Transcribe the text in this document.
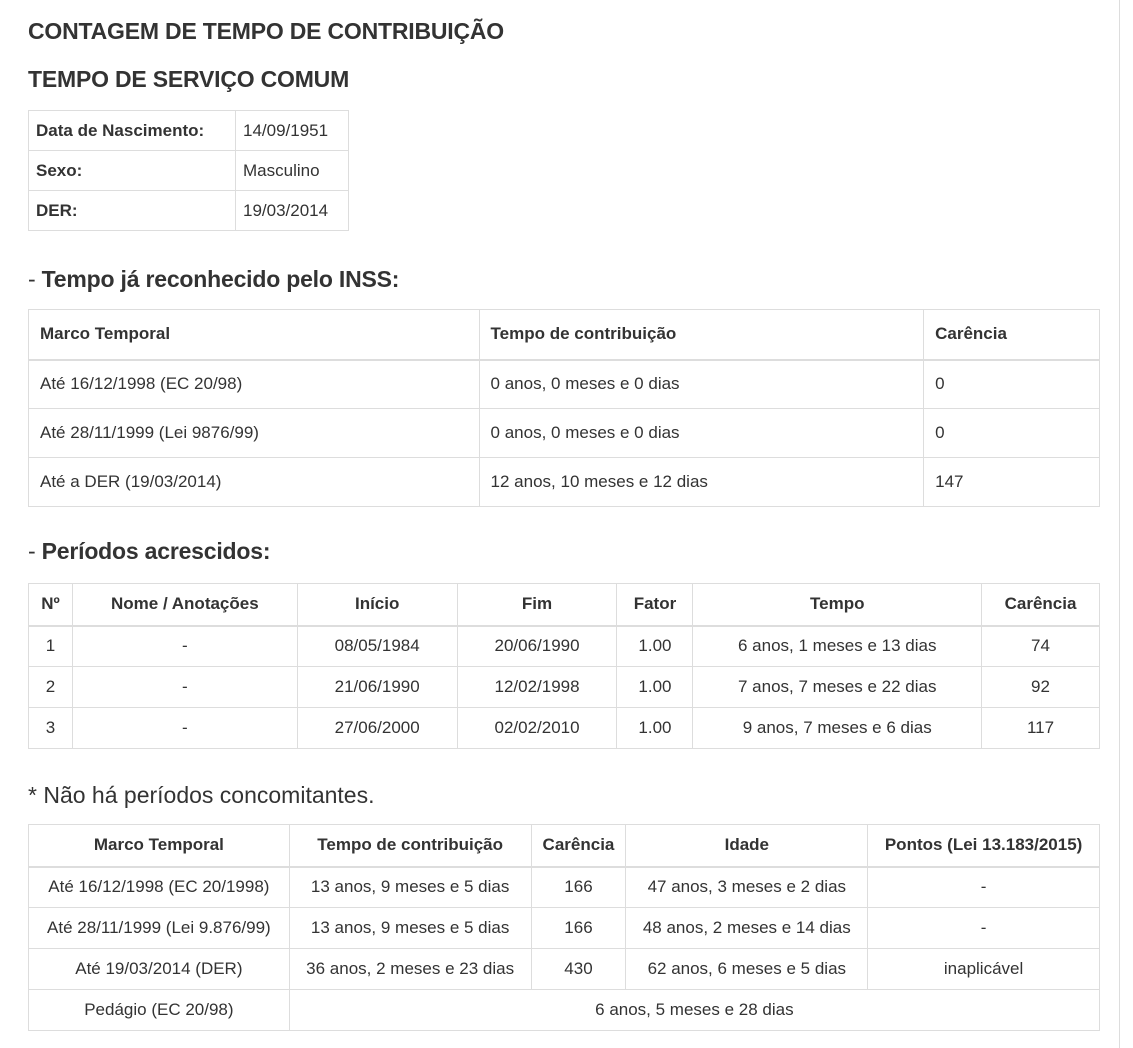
CONTAGEM DE TEMPO DE CONTRIBUIÇÃO
TEMPO DE SERVIÇO COMUM
Data de Nascimento:	14/09/1951
Sexo:	Masculino
DER:	19/03/2014
- Tempo já reconhecido pelo INSS:
Marco Temporal	Tempo de contribuição	Carência
Até 16/12/1998 (EC 20/98)	0 anos, 0 meses e 0 dias	0
Até 28/11/1999 (Lei 9876/99)	0 anos, 0 meses e 0 dias	0
Até a DER (19/03/2014)	12 anos, 10 meses e 12 dias	147
- Períodos acrescidos:
Nº	Nome / Anotações	Início	Fim	Fator	Tempo	Carência
1	-	08/05/1984	20/06/1990	1.00	6 anos, 1 meses e 13 dias	74
2	-	21/06/1990	12/02/1998	1.00	7 anos, 7 meses e 22 dias	92
3	-	27/06/2000	02/02/2010	1.00	9 anos, 7 meses e 6 dias	117
* Não há períodos concomitantes.
Marco Temporal	Tempo de contribuição	Carência	Idade	Pontos (Lei 13.183/2015)
Até 16/12/1998 (EC 20/1998)	13 anos, 9 meses e 5 dias	166	47 anos, 3 meses e 2 dias	-
Até 28/11/1999 (Lei 9.876/99)	13 anos, 9 meses e 5 dias	166	48 anos, 2 meses e 14 dias	-
Até 19/03/2014 (DER)	36 anos, 2 meses e 23 dias	430	62 anos, 6 meses e 5 dias	inaplicável
Pedágio (EC 20/98)	6 anos, 5 meses e 28 dias			
